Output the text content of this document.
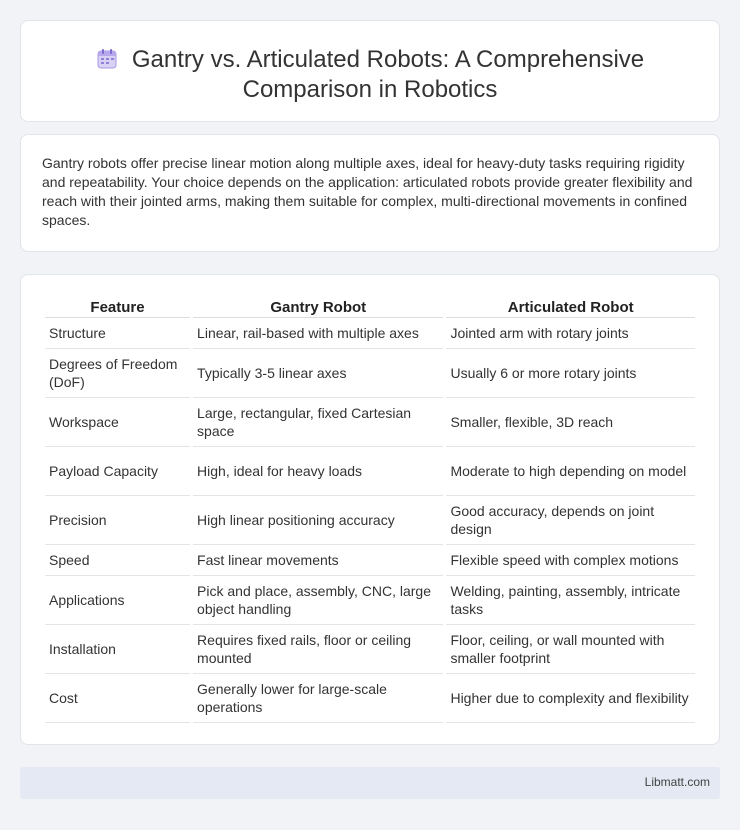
Gantry vs. Articulated Robots: A Comprehensive
Comparison in Robotics

Gantry robots offer precise linear motion along multiple axes, ideal for heavy-duty tasks requiring rigidity and repeatability. Your choice depends on the application: articulated robots provide greater flexibility and reach with their jointed arms, making them suitable for complex, multi-directional movements in confined spaces.

Feature	Gantry Robot	Articulated Robot
Structure	Linear, rail-based with multiple axes	Jointed arm with rotary joints
Degrees of Freedom (DoF)	Typically 3-5 linear axes	Usually 6 or more rotary joints
Workspace	Large, rectangular, fixed Cartesian space	Smaller, flexible, 3D reach
Payload Capacity	High, ideal for heavy loads	Moderate to high depending on model
Precision	High linear positioning accuracy	Good accuracy, depends on joint design
Speed	Fast linear movements	Flexible speed with complex motions
Applications	Pick and place, assembly, CNC, large object handling	Welding, painting, assembly, intricate tasks
Installation	Requires fixed rails, floor or ceiling mounted	Floor, ceiling, or wall mounted with smaller footprint
Cost	Generally lower for large-scale operations	Higher due to complexity and flexibility
Libmatt.com
